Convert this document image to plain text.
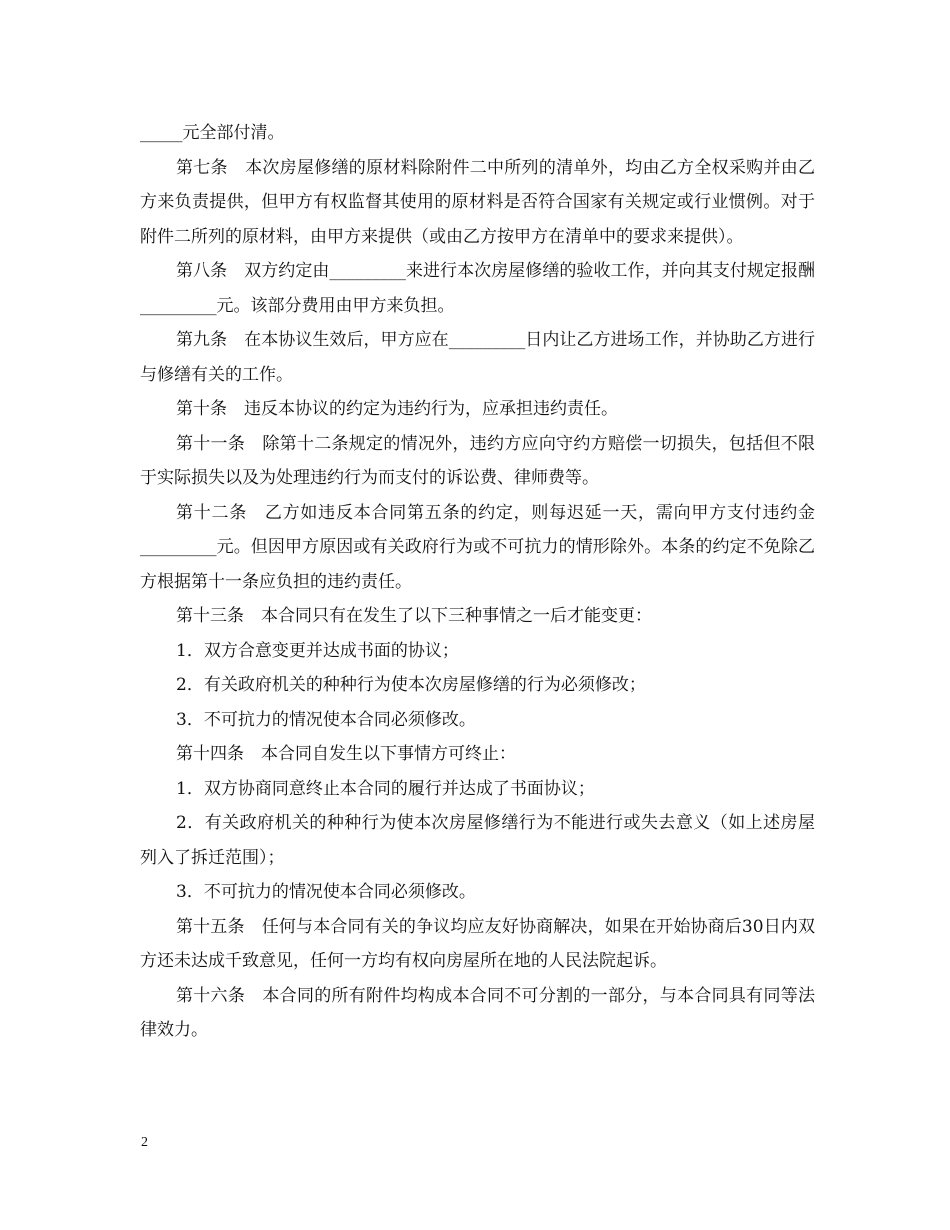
_____元全部付清。

第七条　本次房屋修缮的原材料除附件二中所列的清单外，均由乙方全权采购并由乙方来负责提供，但甲方有权监督其使用的原材料是否符合国家有关规定或行业惯例。对于附件二所列的原材料，由甲方来提供（或由乙方按甲方在清单中的要求来提供）。

第八条　双方约定由_________来进行本次房屋修缮的验收工作，并向其支付规定报酬_________元。该部分费用由甲方来负担。

第九条　在本协议生效后，甲方应在_________日内让乙方进场工作，并协助乙方进行与修缮有关的工作。

第十条　违反本协议的约定为违约行为，应承担违约责任。

第十一条　除第十二条规定的情况外，违约方应向守约方赔偿一切损失，包括但不限于实际损失以及为处理违约行为而支付的诉讼费、律师费等。

第十二条　乙方如违反本合同第五条的约定，则每迟延一天，需向甲方支付违约金_________元。但因甲方原因或有关政府行为或不可抗力的情形除外。本条的约定不免除乙方根据第十一条应负担的违约责任。

第十三条　本合同只有在发生了以下三种事情之一后才能变更：

1．双方合意变更并达成书面的协议；

2．有关政府机关的种种行为使本次房屋修缮的行为必须修改；

3．不可抗力的情况使本合同必须修改。

第十四条　本合同自发生以下事情方可终止：

1．双方协商同意终止本合同的履行并达成了书面协议；

2．有关政府机关的种种行为使本次房屋修缮行为不能进行或失去意义（如上述房屋列入了拆迁范围）；

3．不可抗力的情况使本合同必须修改。

第十五条　任何与本合同有关的争议均应友好协商解决，如果在开始协商后30日内双方还未达成千致意见，任何一方均有权向房屋所在地的人民法院起诉。

第十六条　本合同的所有附件均构成本合同不可分割的一部分，与本合同具有同等法律效力。

2
